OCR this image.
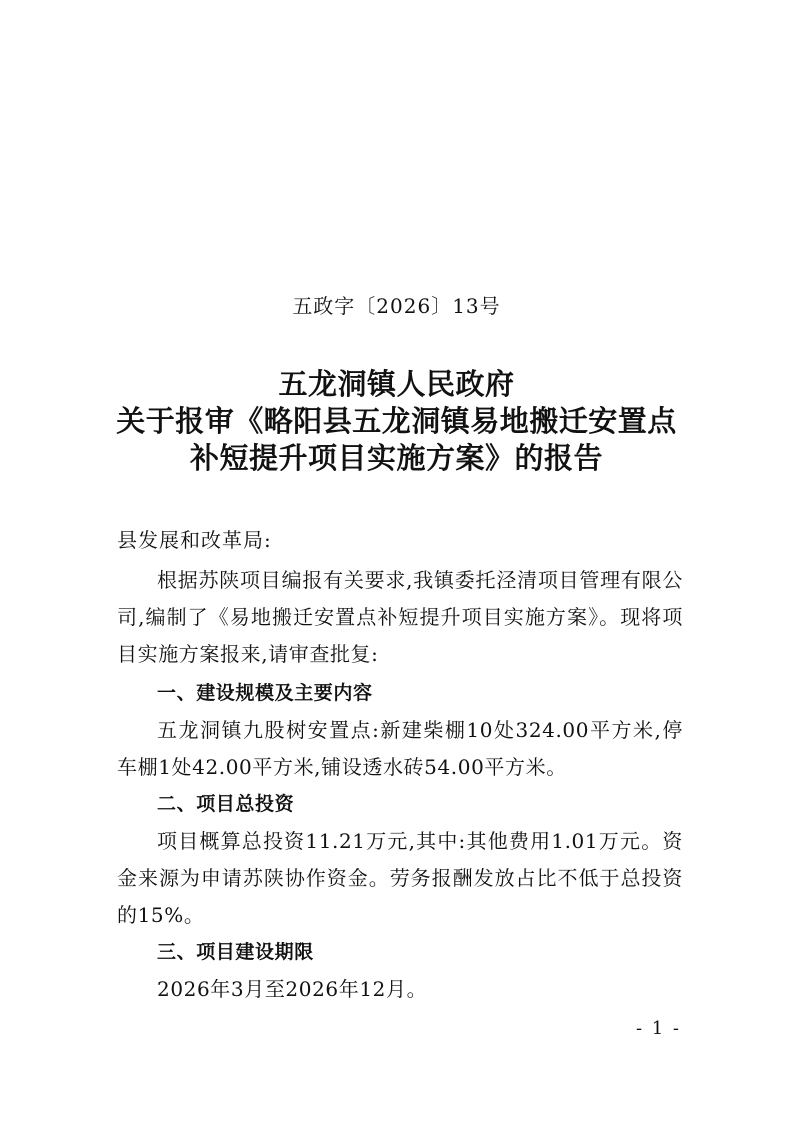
五政字〔2026〕13号
五龙洞镇人民政府
关于报审《略阳县五龙洞镇易地搬迁安置点
补短提升项目实施方案》的报告
县发展和改革局:

根据苏陕项目编报有关要求,我镇委托泾清项目管理有限公司,编制了《易地搬迁安置点补短提升项目实施方案》。现将项目实施方案报来,请审查批复:

一、建设规模及主要内容

五龙洞镇九股树安置点:新建柴棚10处324.00平方米,停车棚1处42.00平方米,铺设透水砖54.00平方米。

二、项目总投资

项目概算总投资11.21万元,其中:其他费用1.01万元。资金来源为申请苏陕协作资金。劳务报酬发放占比不低于总投资的15%。

三、项目建设期限

2026年3月至2026年12月。

- 1 -
